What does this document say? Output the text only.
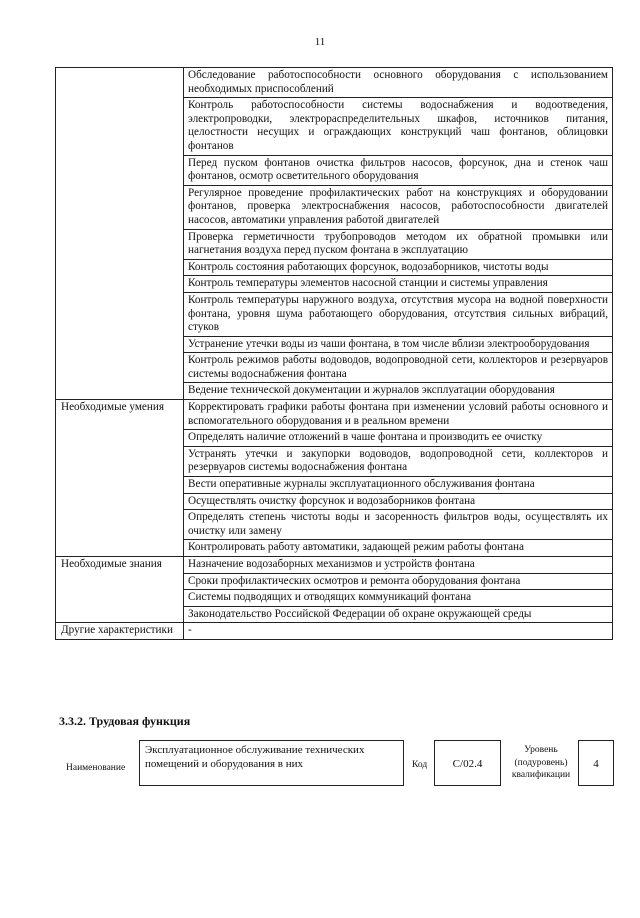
11
	Обследование работоспособности основного оборудования с использованием необходимых приспособлений
	Контроль работоспособности системы водоснабжения и водоотведения, электропроводки, электрораспределительных шкафов, источников питания, целостности несущих и ограждающих конструкций чаш фонтанов, облицовки фонтанов
	Перед пуском фонтанов очистка фильтров насосов, форсунок, дна и стенок чаш фонтанов, осмотр осветительного оборудования
	Регулярное проведение профилактических работ на конструкциях и оборудовании фонтанов, проверка электроснабжения насосов, работоспособности двигателей насосов, автоматики управления работой двигателей
	Проверка герметичности трубопроводов методом их обратной промывки или нагнетания воздуха перед пуском фонтана в эксплуатацию
	Контроль состояния работающих форсунок, водозаборников, чистоты воды
	Контроль температуры элементов насосной станции и системы управления
	Контроль температуры наружного воздуха, отсутствия мусора на водной поверхности фонтана, уровня шума работающего оборудования, отсутствия сильных вибраций, стуков
	Устранение утечки воды из чаши фонтана, в том числе вблизи электрооборудования
	Контроль режимов работы водоводов, водопроводной сети, коллекторов и резервуаров системы водоснабжения фонтана
	Ведение технической документации и журналов эксплуатации оборудования
Необходимые умения	Корректировать графики работы фонтана при изменении условий работы основного и вспомогательного оборудования и в реальном времени
	Определять наличие отложений в чаше фонтана и производить ее очистку
	Устранять утечки и закупорки водоводов, водопроводной сети, коллекторов и резервуаров системы водоснабжения фонтана
	Вести оперативные журналы эксплуатационного обслуживания фонтана
	Осуществлять очистку форсунок и водозаборников фонтана
	Определять степень чистоты воды и засоренность фильтров воды, осуществлять их очистку или замену
	Контролировать работу автоматики, задающей режим работы фонтана
Необходимые знания	Назначение водозаборных механизмов и устройств фонтана
	Сроки профилактических осмотров и ремонта оборудования фонтана
	Системы подводящих и отводящих коммуникаций фонтана
	Законодательство Российской Федерации об охране окружающей среды
Другие характеристики	-
3.3.2. Трудовая функция
Наименование
Эксплуатационное обслуживание технических помещений и оборудования в них	Код	C/02.4
Уровень (подуровень) квалификации
4
